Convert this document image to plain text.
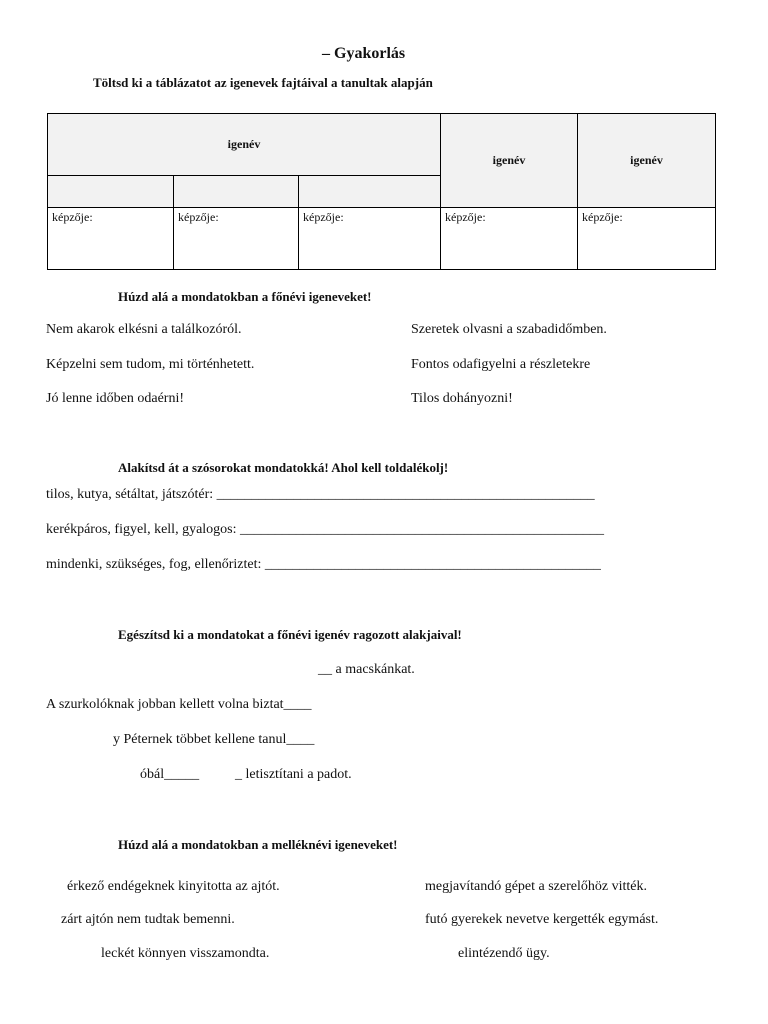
– Gyakorlás
Töltsd ki a táblázatot az igenevek fajtáival a tanultak alapján
igenév			igenév	igenév

képzője:	képzője:	képzője:	képzője:	képzője:
Húzd alá a mondatokban a főnévi igeneveket!
Nem akarok elkésni a találkozóról.
Képzelni sem tudom, mi történhetett.
Jó lenne időben odaérni!
Szeretek olvasni a szabadidőmben.
Fontos odafigyelni a részletekre
Tilos dohányozni!
Alakítsd át a szósorokat mondatokká! Ahol kell toldalékolj!
tilos, kutya, sétáltat, játszótér: ______________________________________________________
kerékpáros, figyel, kell, gyalogos: ____________________________________________________
mindenki, szükséges, fog, ellenőriztet: ________________________________________________
Egészítsd ki a mondatokat a főnévi igenév ragozott alakjaival!
__ a macskánkat.
A szurkolóknak jobban kellett volna biztat____
y Péternek többet kellene tanul____
óbál_____	_ letisztítani a padot.
Húzd alá a mondatokban a melléknévi igeneveket!
érkező endégeknek kinyitotta az ajtót.
zárt ajtón nem tudtak bemenni.
leckét könnyen visszamondta.
megjavítandó gépet a szerelőhöz vitték.
futó gyerekek nevetve kergették egymást.
elintézendő ügy.
